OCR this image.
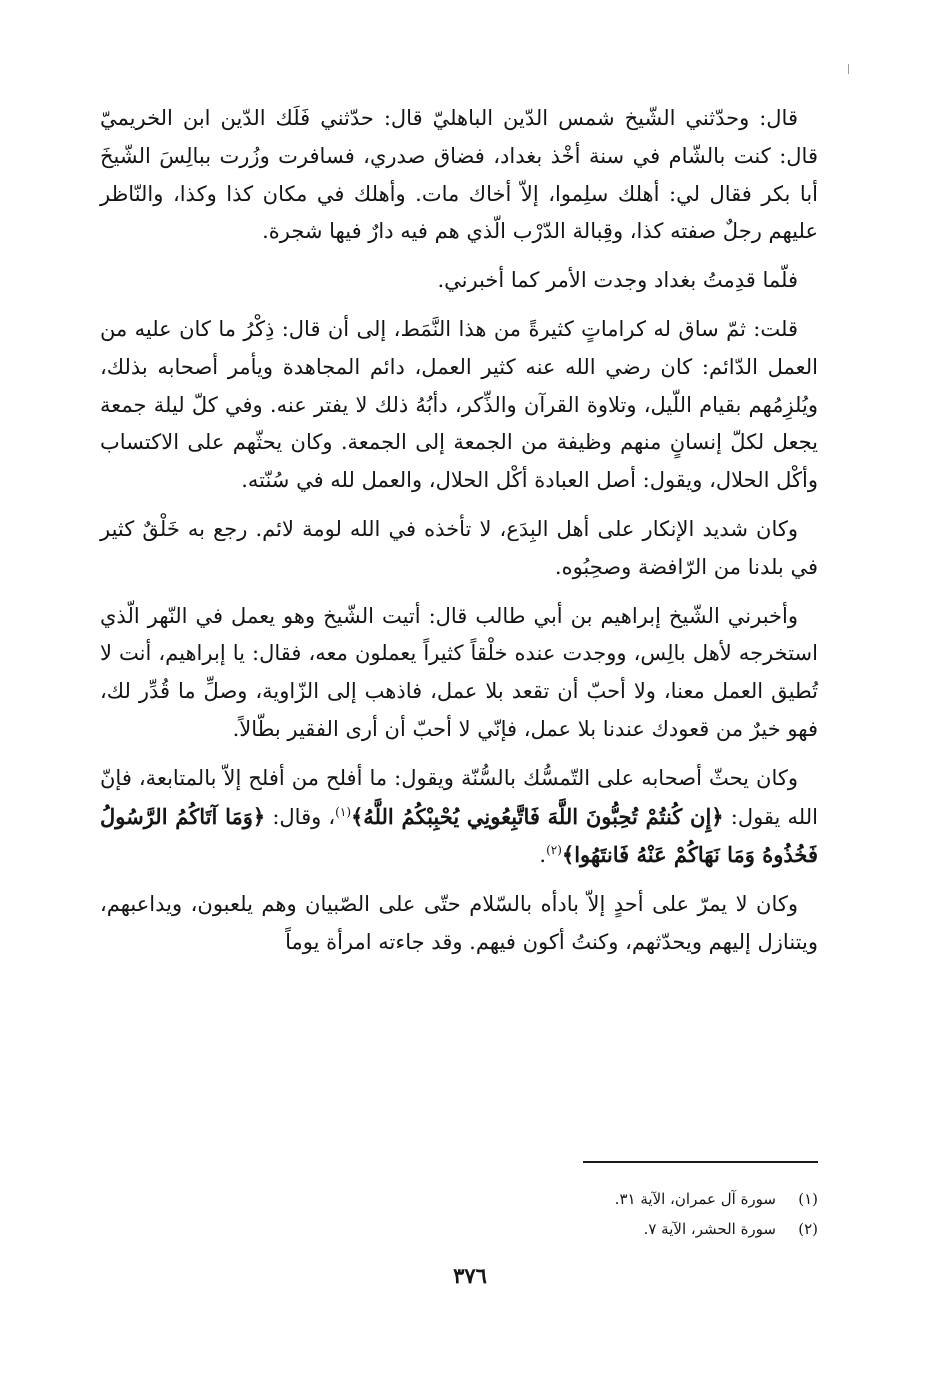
قال: وحدّثني الشّيخ شمس الدّين الباهليّ قال: حدّثني فَلَك الدّين ابن الخريميّ قال: كنت بالشّام في سنة أخْذ بغداد، فضاق صدري، فسافرت وزُرت ببالِسَ الشّيخَ أبا بكر فقال لي: أهلك سلِموا، إلاّ أخاك مات. وأهلك في مكان كذا وكذا، والنّاظر عليهم رجلٌ صفته كذا، وقِبالة الدّرْب الّذي هم فيه دارٌ فيها شجرة.

فلّما قدِمتُ بغداد وجدت الأمر كما أخبرني.

قلت: ثمّ ساق له كراماتٍ كثيرةً من هذا النَّمَط، إلى أن قال: ذِكْرُ ما كان عليه من العمل الدّائم: كان رضي الله عنه كثير العمل، دائم المجاهدة ويأمر أصحابه بذلك، ويُلزِمُهم بقيام اللّيل، وتلاوة القرآن والذِّكر، دأبُهُ ذلك لا يفتر عنه. وفي كلّ ليلة جمعة يجعل لكلّ إنسانٍ منهم وظيفة من الجمعة إلى الجمعة. وكان يحثّهم على الاكتساب وأكْل الحلال، ويقول: أصل العبادة أكْل الحلال، والعمل لله في سُنّته.

وكان شديد الإنكار على أهل البِدَع، لا تأخذه في الله لومة لائم. رجع به خَلْقٌ كثير في بلدنا من الرّافضة وصحِبُوه.

وأخبرني الشّيخ إبراهيم بن أبي طالب قال: أتيت الشّيخ وهو يعمل في النّهر الّذي استخرجه لأهل بالِس، ووجدت عنده خلْقاً كثيراً يعملون معه، فقال: يا إبراهيم، أنت لا تُطيق العمل معنا، ولا أحبّ أن تقعد بلا عمل، فاذهب إلى الزّاوية، وصلِّ ما قُدِّر لك، فهو خيرٌ من قعودك عندنا بلا عمل، فإنّي لا أحبّ أن أرى الفقير بطّالاً.

وكان يحثّ أصحابه على التّمسُّك بالسُّنّة ويقول: ما أفلح من أفلح إلاّ بالمتابعة، فإنّ الله يقول: ﴿إِن كُنتُمْ تُحِبُّونَ اللَّهَ فَاتَّبِعُونِي يُحْبِبْكُمُ اللَّهُ﴾$^{(١)}$، وقال: ﴿وَمَا آتَاكُمُ الرَّسُولُ فَخُذُوهُ وَمَا نَهَاكُمْ عَنْهُ فَانتَهُوا﴾$^{(٢)}$.

وكان لا يمرّ على أحدٍ إلاّ بادأه بالسّلام حتّى على الصّبيان وهم يلعبون، ويداعبهم، ويتنازل إليهم ويحدّثهم، وكنتُ أكون فيهم. وقد جاءته امرأة يوماً

(١)
سورة آل عمران، الآية ٣١.
(٢)
سورة الحشر، الآية ٧.
٣٧٦
